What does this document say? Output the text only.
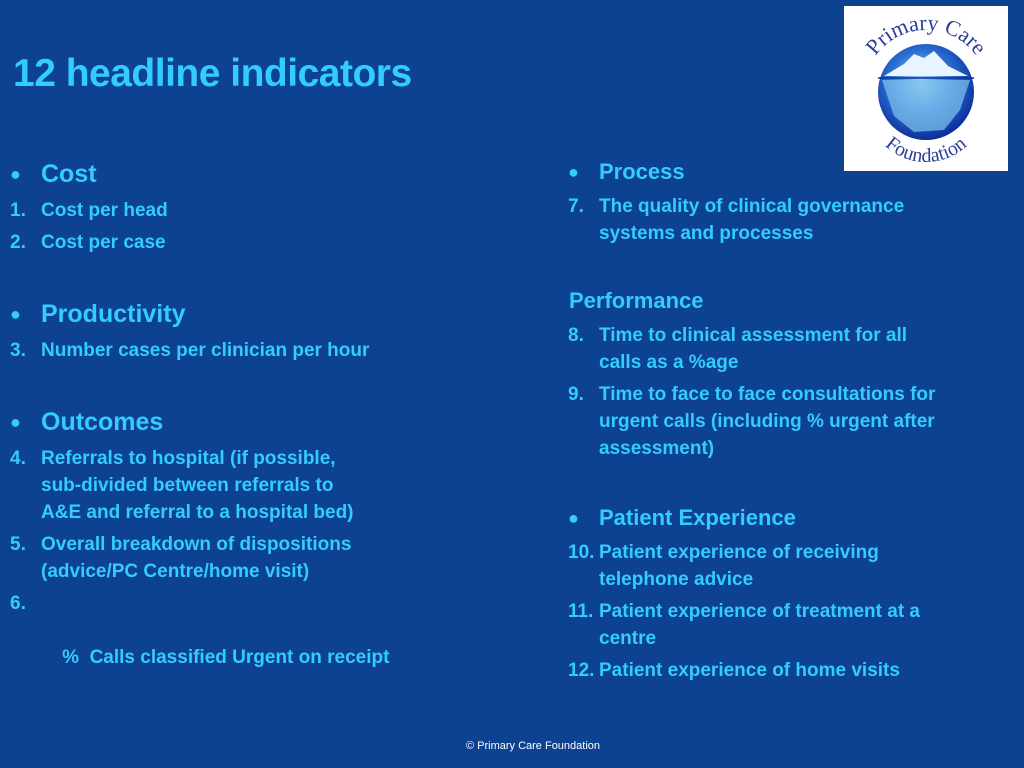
12 headline indicators
Primary Care
Foundation
● Cost
1. Cost per head
2. Cost per case
● Productivity
3. Number cases per clinician per hour
● Outcomes
4. Referrals to hospital (if possible,
sub-divided between referrals to
A&E and referral to a hospital bed)
5. Overall breakdown of dispositions
(advice/PC Centre/home visit)

6.

%  Calls classified Urgent on receipt

● Process
7. The quality of clinical governance
systems and processes
Performance
8. Time to clinical assessment for all
calls as a %age
9. Time to face to face consultations for
urgent calls (including % urgent after
assessment)
● Patient Experience
10. Patient experience of receiving
telephone advice
11. Patient experience of treatment at a
centre
12. Patient experience of home visits
© Primary Care Foundation
